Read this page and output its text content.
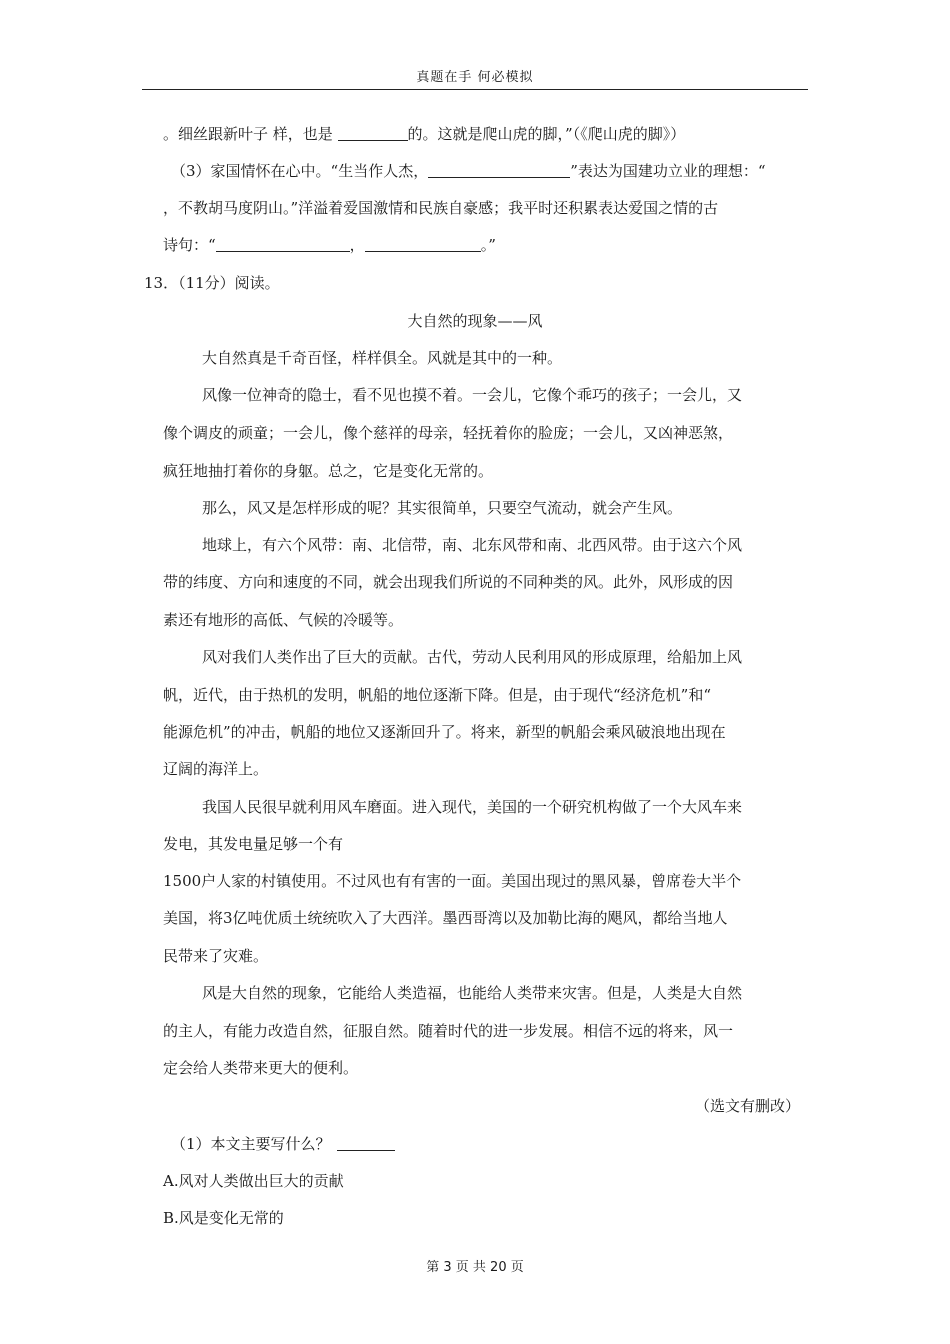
真题在手 何必模拟
。细丝跟新叶子 样，也是	的。这就是爬山虎的脚，”（《爬山虎的脚》）
（3）家国情怀在心中。“生当作人杰，	”表达为国建功立业的理想：“
，不教胡马度阴山。”洋溢着爱国激情和民族自豪感；我平时还积累表达爱国之情的古
诗句：“	，	。”
13．（11分）阅读。
大自然的现象——风
大自然真是千奇百怪，样样俱全。风就是其中的一种。
风像一位神奇的隐士，看不见也摸不着。一会儿，它像个乖巧的孩子；一会儿，又
像个调皮的顽童；一会儿，像个慈祥的母亲，轻抚着你的脸庞；一会儿，又凶神恶煞，
疯狂地抽打着你的身躯。总之，它是变化无常的。
那么，风又是怎样形成的呢？其实很简单，只要空气流动，就会产生风。
地球上，有六个风带：南、北信带，南、北东风带和南、北西风带。由于这六个风
带的纬度、方向和速度的不同，就会出现我们所说的不同种类的风。此外，风形成的因
素还有地形的高低、气候的冷暖等。
风对我们人类作出了巨大的贡献。古代，劳动人民利用风的形成原理，给船加上风
帆，近代，由于热机的发明，帆船的地位逐渐下降。但是，由于现代“经济危机”和“
能源危机”的冲击，帆船的地位又逐渐回升了。将来，新型的帆船会乘风破浪地出现在
辽阔的海洋上。
我国人民很早就利用风车磨面。进入现代，美国的一个研究机构做了一个大风车来
发电，其发电量足够一个有
1500户人家的村镇使用。不过风也有有害的一面。美国出现过的黑风暴，曾席卷大半个
美国，将3亿吨优质土统统吹入了大西洋。墨西哥湾以及加勒比海的飓风，都给当地人
民带来了灾难。
风是大自然的现象，它能给人类造福，也能给人类带来灾害。但是，人类是大自然
的主人，有能力改造自然，征服自然。随着时代的进一步发展。相信不远的将来，风一
定会给人类带来更大的便利。
（选文有删改）
（1）本文主要写什么？
A.风对人类做出巨大的贡献
B.风是变化无常的
第 3 页 共 20 页
